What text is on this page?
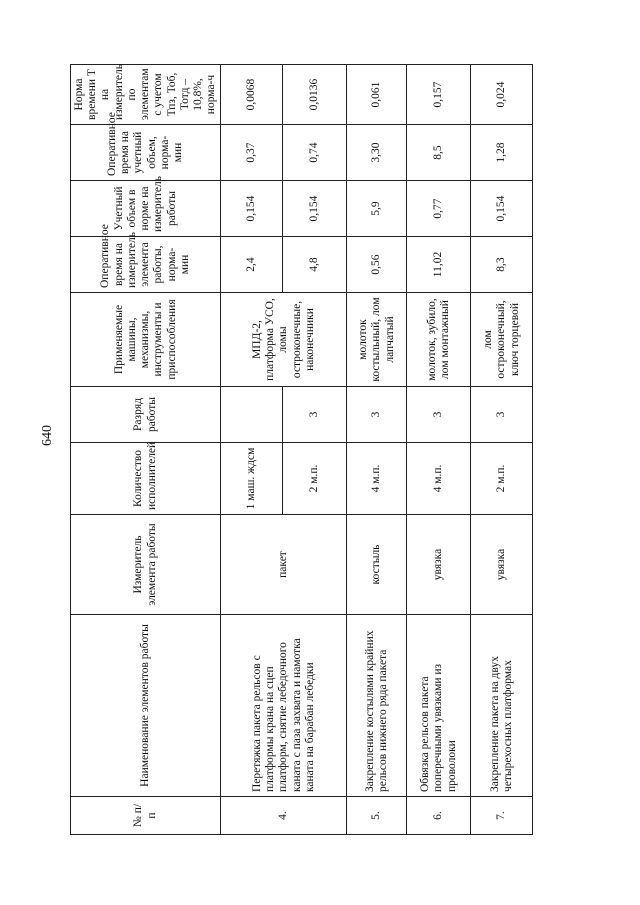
640
№ п/п	Наименование элементов работы	Измеритель элемента работы	Количество исполнителей	Разряд работы	Применяемые машины, механизмы, инструменты и приспособления	Оперативное время на измеритель элемента работы, норма-мин	Учетный объем в норме на измеритель работы	Оперативное время на учетный объем, норма-мин	Норма времени Т на измеритель по элементам с учетом Тпз, Тоб, Тотд – 10,8%, норма-ч
4.	Перетяжка пакета рельсов с платформы крана на сцеп платформ, снятие лебедочного каната с паза захвата и намотка каната на барабан лебедки	пакет	1 маш. ждсм		МПД-2, платформа УСО, ломы остроконечные, наконечники	2,4	0,154	0,37	0,0068
			2 м.п.	3		4,8	0,154	0,74	0,0136
5.	Закрепление костылями крайних рельсов нижнего ряда пакета	костыль	4 м.п.	3	молоток костыльный, лом лапчатый	0,56	5,9	3,30	0,061
6.	Обвязка рельсов пакета поперечными увязками из проволоки	увязка	4 м.п.	3	молоток, зубило, лом монтажный	11,02	0,77	8,5	0,157
7.	Закрепление пакета на двух четырехосных платформах	увязка	2 м.п.	3	лом остроконечный, ключ торцевой	8,3	0,154	1,28	0,024
